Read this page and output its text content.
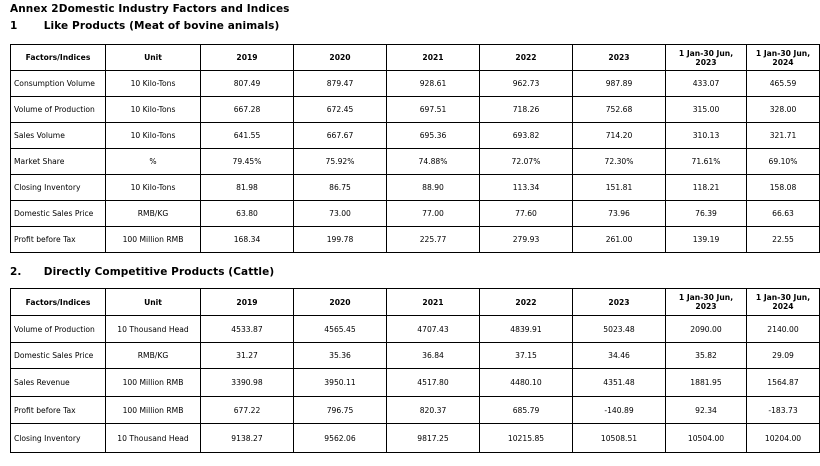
Annex 2 Domestic Industry Factors and Indices
1	Like Products (Meat of bovine animals)
Factors/Indices	Unit	2019	2020	2021	2022	2023	1 Jan-30 Jun, 2023	1 Jan-30 Jun, 2024
Consumption Volume	10 Kilo-Tons	807.49	879.47	928.61	962.73	987.89	433.07	465.59
Volume of Production	10 Kilo-Tons	667.28	672.45	697.51	718.26	752.68	315.00	328.00
Sales Volume	10 Kilo-Tons	641.55	667.67	695.36	693.82	714.20	310.13	321.71
Market Share	%	79.45%	75.92%	74.88%	72.07%	72.30%	71.61%	69.10%
Closing Inventory	10 Kilo-Tons	81.98	86.75	88.90	113.34	151.81	118.21	158.08
Domestic Sales Price	RMB/KG	63.80	73.00	77.00	77.60	73.96	76.39	66.63
Profit before Tax	100 Million RMB	168.34	199.78	225.77	279.93	261.00	139.19	22.55
2. Directly Competitive Products (Cattle)
Factors/Indices	Unit	2019	2020	2021	2022	2023	1 Jan-30 Jun, 2023	1 Jan-30 Jun, 2024
Volume of Production	10 Thousand Head	4533.87	4565.45	4707.43	4839.91	5023.48	2090.00	2140.00
Domestic Sales Price	RMB/KG	31.27	35.36	36.84	37.15	34.46	35.82	29.09
Sales Revenue	100 Million RMB	3390.98	3950.11	4517.80	4480.10	4351.48	1881.95	1564.87
Profit before Tax	100 Million RMB	677.22	796.75	820.37	685.79	-140.89	92.34	-183.73
Closing Inventory	10 Thousand Head	9138.27	9562.06	9817.25	10215.85	10508.51	10504.00	10204.00
